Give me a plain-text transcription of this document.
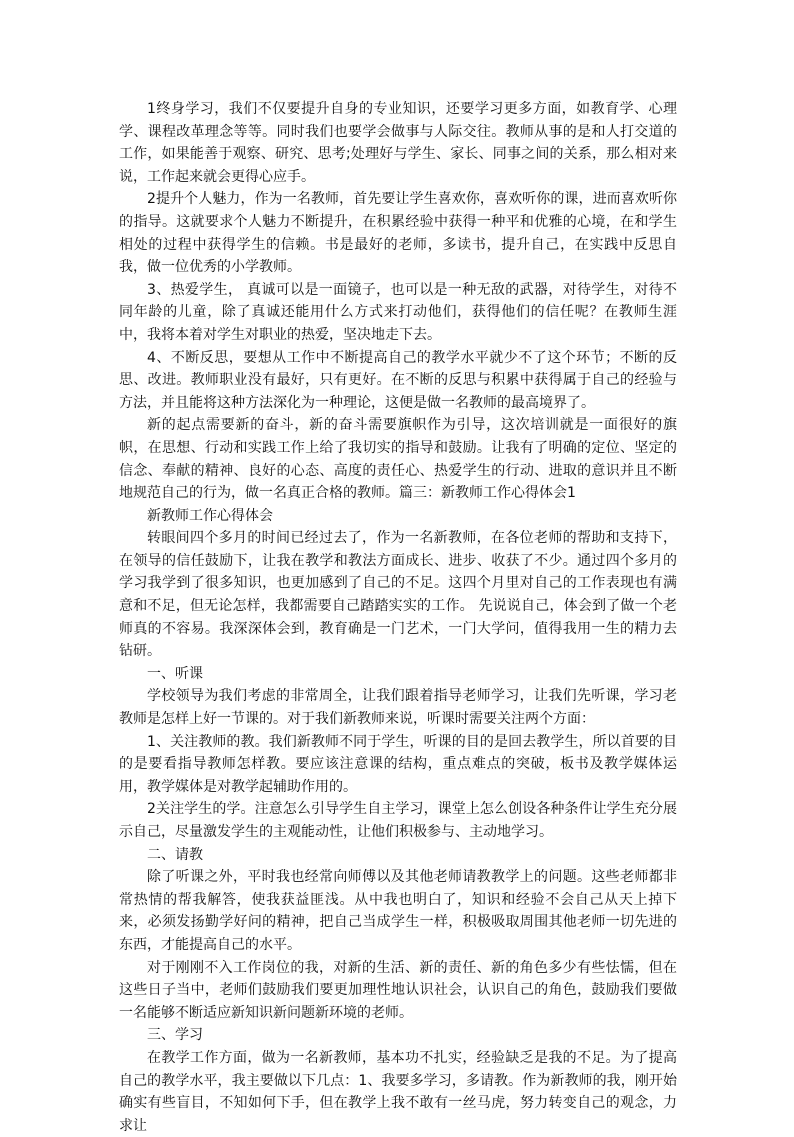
1终身学习，我们不仅要提升自身的专业知识，还要学习更多方面，如教育学、心理学、课程改革理念等等。同时我们也要学会做事与人际交往。教师从事的是和人打交道的工作，如果能善于观察、研究、思考;处理好与学生、家长、同事之间的关系，那么相对来说，工作起来就会更得心应手。

2提升个人魅力，作为一名教师，首先要让学生喜欢你，喜欢听你的课，进而喜欢听你的指导。这就要求个人魅力不断提升，在积累经验中获得一种平和优雅的心境，在和学生相处的过程中获得学生的信赖。书是最好的老师，多读书，提升自己，在实践中反思自我，做一位优秀的小学教师。

3、热爱学生， 真诚可以是一面镜子，也可以是一种无敌的武器，对待学生，对待不同年龄的儿童，除了真诚还能用什么方式来打动他们，获得他们的信任呢？在教师生涯中，我将本着对学生对职业的热爱，坚决地走下去。

4、不断反思，要想从工作中不断提高自己的教学水平就少不了这个环节；不断的反思、改进。教师职业没有最好，只有更好。在不断的反思与积累中获得属于自己的经验与方法，并且能将这种方法深化为一种理论，这便是做一名教师的最高境界了。

新的起点需要新的奋斗，新的奋斗需要旗帜作为引导，这次培训就是一面很好的旗帜，在思想、行动和实践工作上给了我切实的指导和鼓励。让我有了明确的定位、坚定的信念、奉献的精神、良好的心态、高度的责任心、热爱学生的行动、进取的意识并且不断地规范自己的行为，做一名真正合格的教师。篇三：新教师工作心得体会1

新教师工作心得体会

转眼间四个多月的时间已经过去了，作为一名新教师，在各位老师的帮助和支持下，在领导的信任鼓励下，让我在教学和教法方面成长、进步、收获了不少。通过四个多月的学习我学到了很多知识，也更加感到了自己的不足。这四个月里对自己的工作表现也有满意和不足，但无论怎样，我都需要自己踏踏实实的工作。 先说说自己，体会到了做一个老师真的不容易。我深深体会到，教育确是一门艺术，一门大学问，值得我用一生的精力去钻研。

一、听课

学校领导为我们考虑的非常周全，让我们跟着指导老师学习，让我们先听课，学习老教师是怎样上好一节课的。对于我们新教师来说，听课时需要关注两个方面：

1、关注教师的教。我们新教师不同于学生，听课的目的是回去教学生，所以首要的目的是要看指导教师怎样教。要应该注意课的结构，重点难点的突破，板书及教学媒体运用，教学媒体是对教学起辅助作用的。

2关注学生的学。注意怎么引导学生自主学习，课堂上怎么创设各种条件让学生充分展示自己，尽量激发学生的主观能动性，让他们积极参与、主动地学习。

二、请教

除了听课之外，平时我也经常向师傅以及其他老师请教教学上的问题。这些老师都非常热情的帮我解答，使我获益匪浅。从中我也明白了，知识和经验不会自己从天上掉下来，必须发扬勤学好问的精神，把自己当成学生一样，积极吸取周围其他老师一切先进的东西，才能提高自己的水平。

对于刚刚不入工作岗位的我，对新的生活、新的责任、新的角色多少有些怯懦，但在这些日子当中，老师们鼓励我们要更加理性地认识社会，认识自己的角色，鼓励我们要做一名能够不断适应新知识新问题新环境的老师。

三、学习

在教学工作方面，做为一名新教师，基本功不扎实，经验缺乏是我的不足。为了提高自己的教学水平，我主要做以下几点：1、我要多学习，多请教。作为新教师的我，刚开始确实有些盲目，不知如何下手，但在教学上我不敢有一丝马虎，努力转变自己的观念，力求让
